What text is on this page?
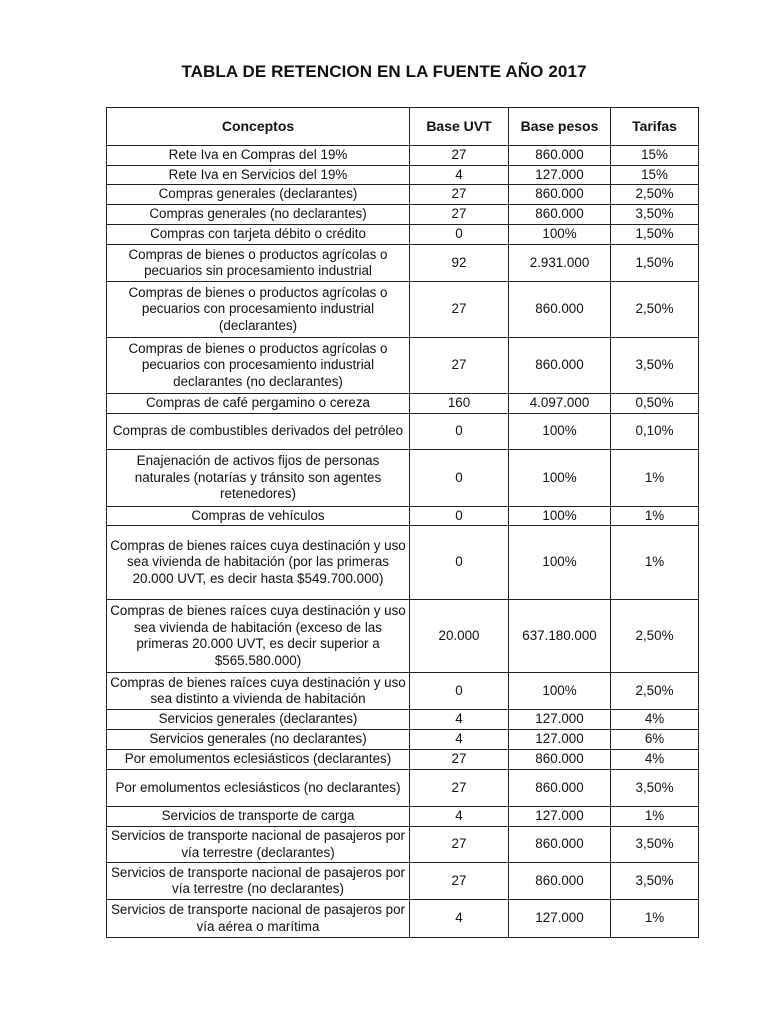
TABLA DE RETENCION EN LA FUENTE AÑO 2017
Conceptos	Base UVT	Base pesos	Tarifas
Rete Iva en Compras del 19%	27	860.000	15%
Rete Iva en Servicios del 19%	4	127.000	15%
Compras generales (declarantes)	27	860.000	2,50%
Compras generales (no declarantes)	27	860.000	3,50%
Compras con tarjeta débito o crédito	0	100%	1,50%
Compras de bienes o productos agrícolas o pecuarios sin procesamiento industrial	92	2.931.000	1,50%
Compras de bienes o productos agrícolas o pecuarios con procesamiento industrial (declarantes)	27	860.000	2,50%
Compras de bienes o productos agrícolas o pecuarios con procesamiento industrial declarantes (no declarantes)	27	860.000	3,50%
Compras de café pergamino o cereza	160	4.097.000	0,50%
Compras de combustibles derivados del petróleo	0	100%	0,10%
Enajenación de activos fijos de personas naturales (notarías y tránsito son agentes retenedores)	0	100%	1%
Compras de vehículos	0	100%	1%
Compras de bienes raíces cuya destinación y uso sea vivienda de habitación (por las primeras 20.000 UVT, es decir hasta $549.700.000)	0	100%	1%
Compras de bienes raíces cuya destinación y uso sea vivienda de habitación (exceso de las primeras 20.000 UVT, es decir superior a $565.580.000)	20.000	637.180.000	2,50%
Compras de bienes raíces cuya destinación y uso sea distinto a vivienda de habitación	0	100%	2,50%
Servicios generales (declarantes)	4	127.000	4%
Servicios generales (no declarantes)	4	127.000	6%
Por emolumentos eclesiásticos (declarantes)	27	860.000	4%
Por emolumentos eclesiásticos (no declarantes)	27	860.000	3,50%
Servicios de transporte de carga	4	127.000	1%
Servicios de transporte nacional de pasajeros por vía terrestre (declarantes)	27	860.000	3,50%
Servicios de transporte nacional de pasajeros por vía terrestre (no declarantes)	27	860.000	3,50%
Servicios de transporte nacional de pasajeros por vía aérea o marítima	4	127.000	1%
